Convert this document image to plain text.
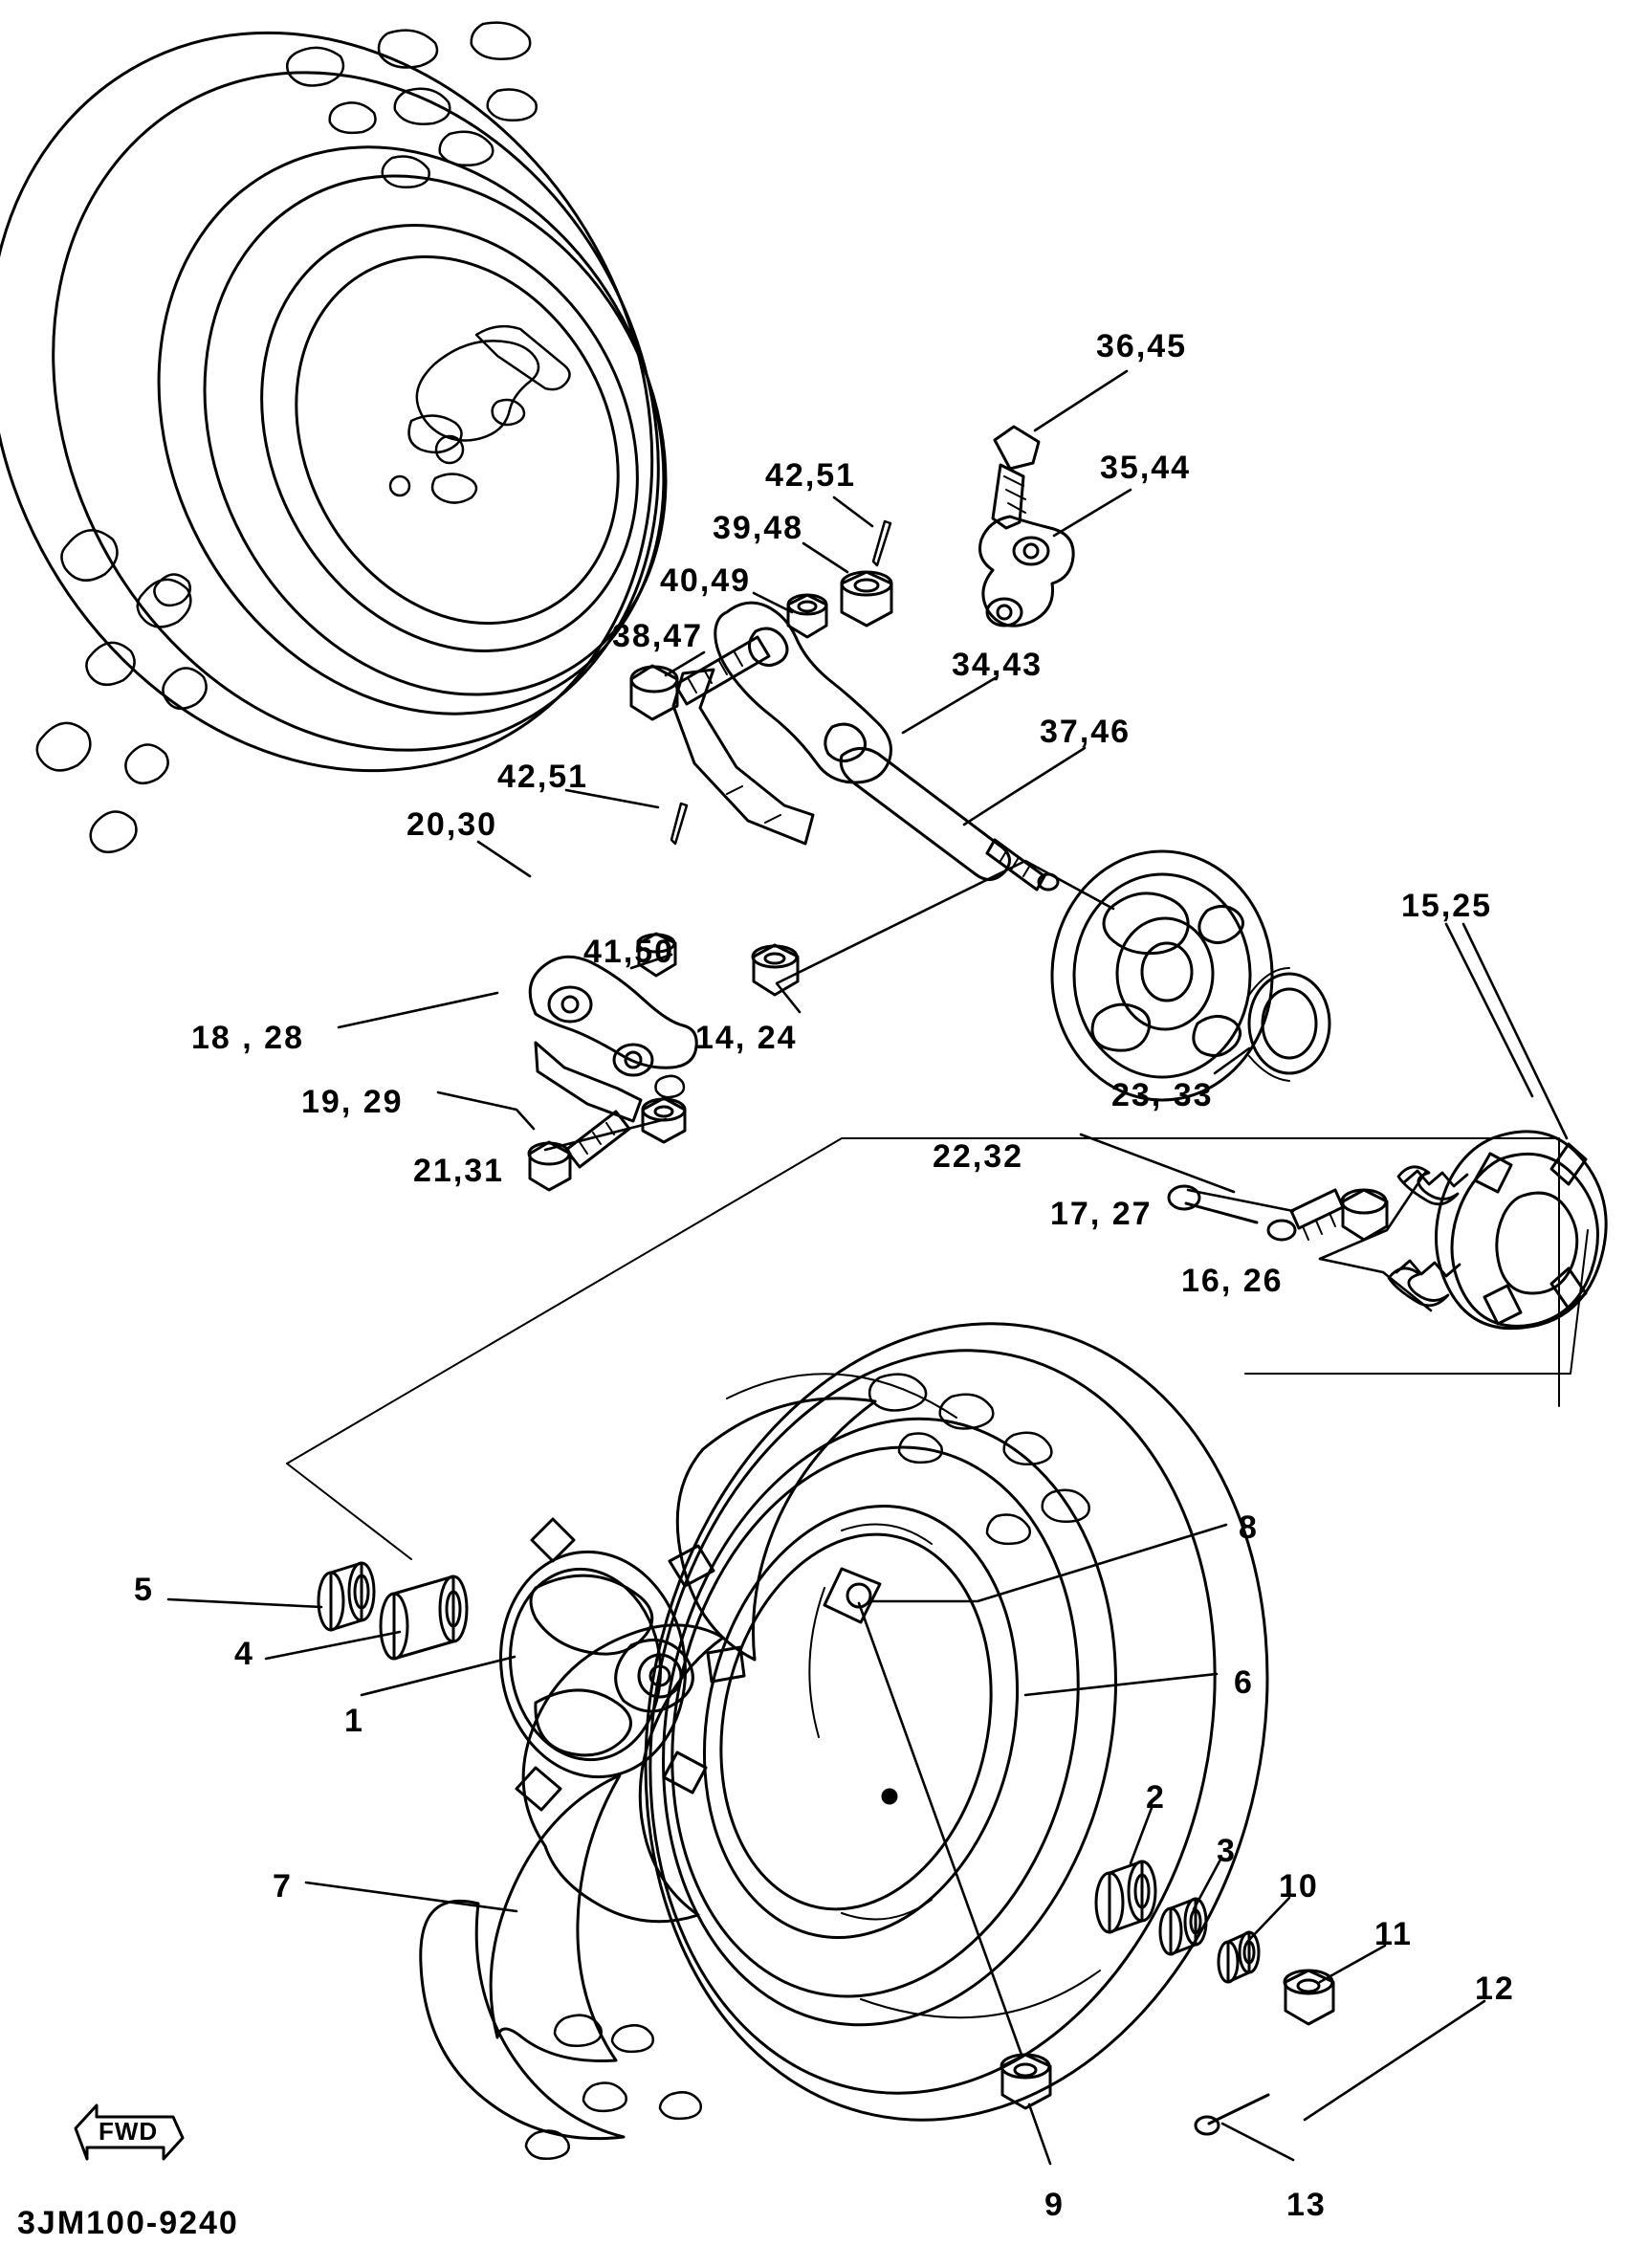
36,45
35,44
42,51
39,48
40,49
38,47
34,43
37,46
42,51
20,30
41,50
15,25
18 , 28	14, 24
19, 29	23, 33
22,32
21,31
17, 27
16, 26
8
6
5
4
1
2
3
10
7
11
12
9	13
FWD
3JM100-9240
